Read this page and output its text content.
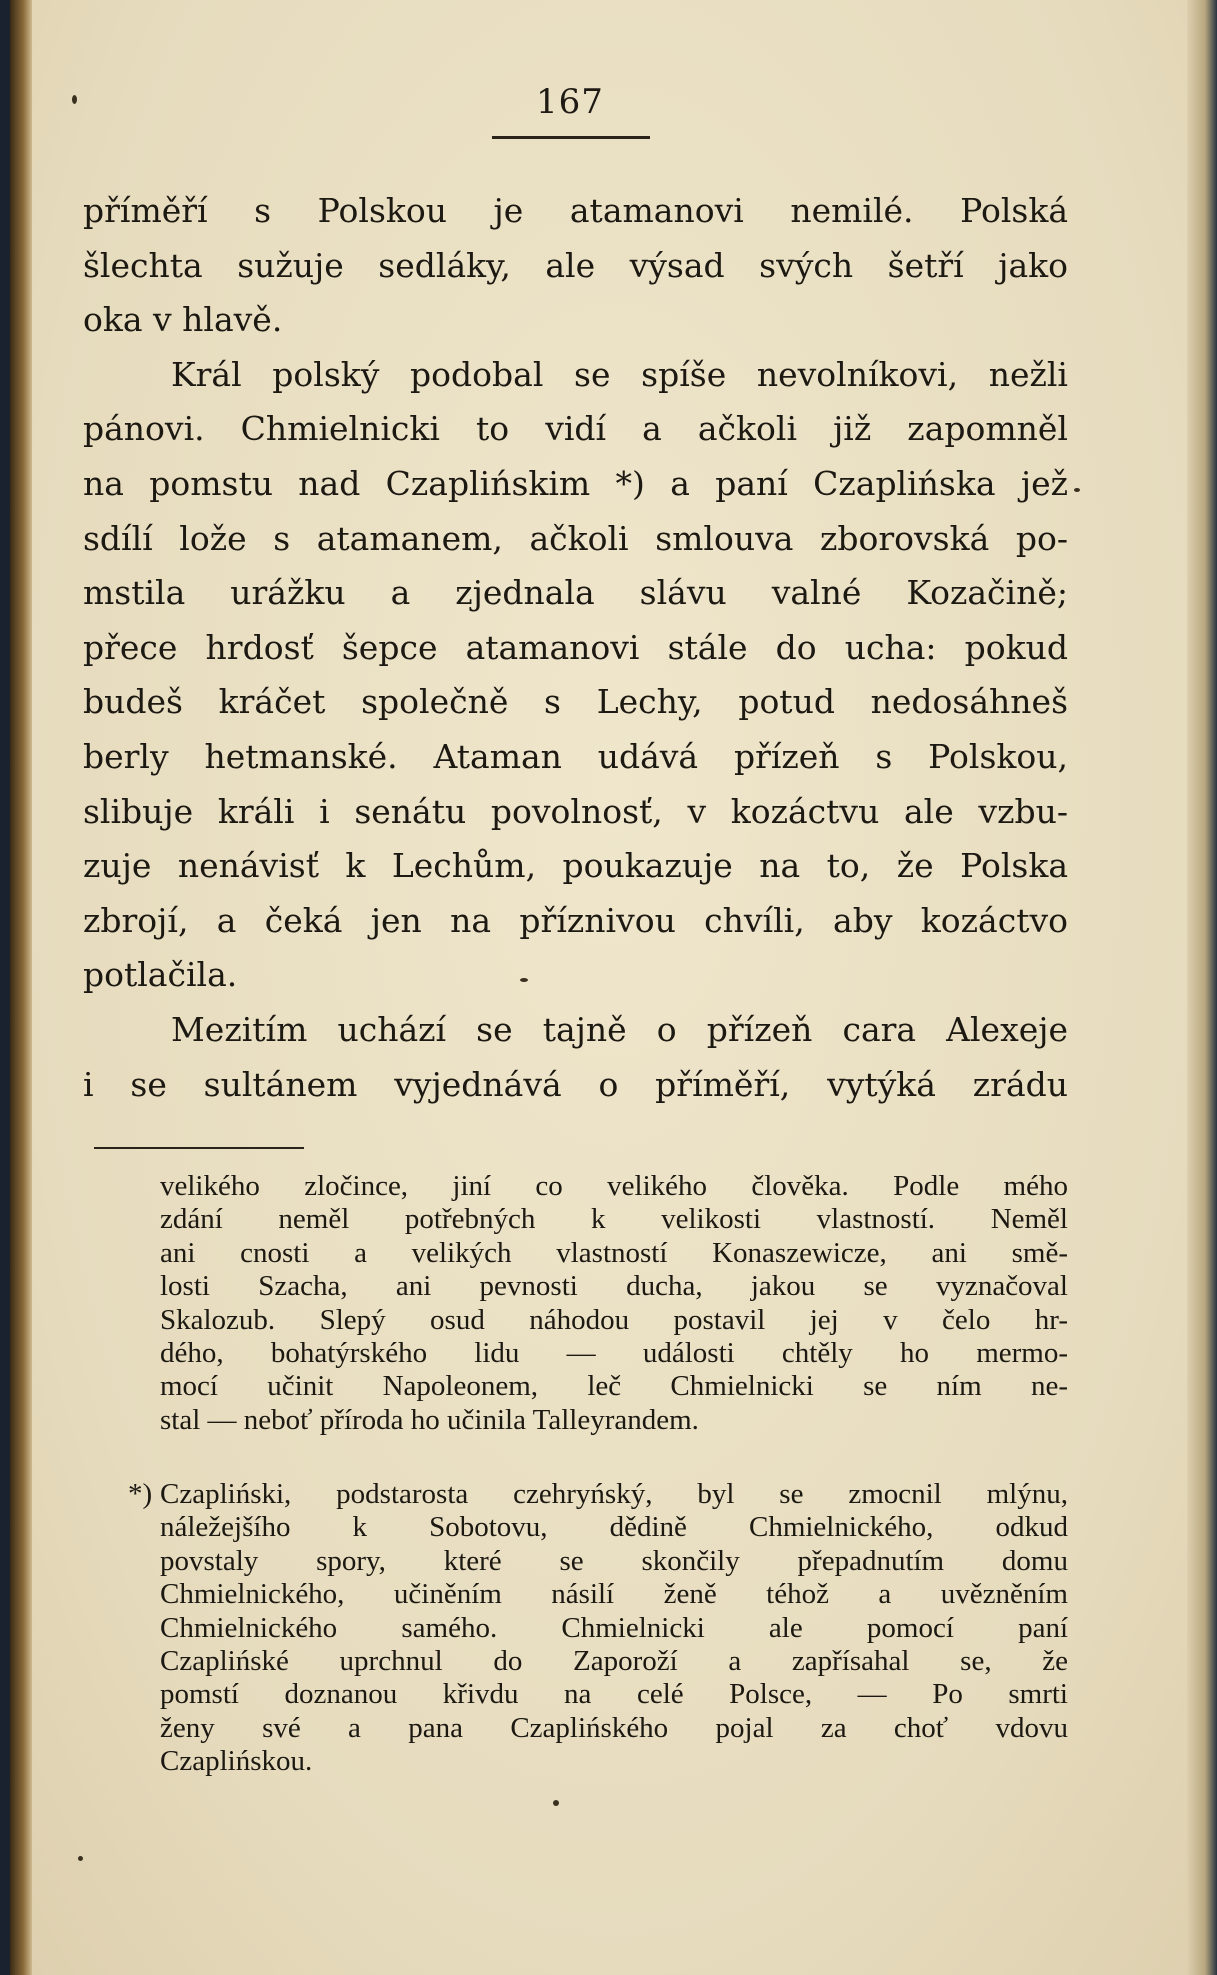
167
příměří s Polskou je atamanovi nemilé. Polská
šlechta sužuje sedláky, ale výsad svých šetří jako
oka v hlavě.
Král polský podobal se spíše nevolníkovi, nežli
pánovi. Chmielnicki to vidí a ačkoli již zapomněl
na pomstu nad Czaplińskim *) a paní Czaplińska jež
sdílí lože s atamanem, ačkoli smlouva zborovská po-
mstila urážku a zjednala slávu valné Kozačině;
přece hrdosť šepce atamanovi stále do ucha: pokud
budeš kráčet společně s Lechy, potud nedosáhneš
berly hetmanské. Ataman udává přízeň s Polskou,
slibuje králi i senátu povolnosť, v kozáctvu ale vzbu-
zuje nenávisť k Lechům, poukazuje na to, že Polska
zbrojí, a čeká jen na příznivou chvíli, aby kozáctvo
potlačila.
Mezitím uchází se tajně o přízeň cara Alexeje
i se sultánem vyjednává o příměří, vytýká zrádu
velikého zločince, jiní co velikého člověka. Podle mého
zdání neměl potřebných k velikosti vlastností. Neměl
ani cnosti a velikých vlastností Konaszewicze, ani smě-
losti Szacha, ani pevnosti ducha, jakou se vyznačoval
Skalozub. Slepý osud náhodou postavil jej v čelo hr-
dého, bohatýrského lidu — události chtěly ho mermo-
mocí učinit Napoleonem, leč Chmielnicki se ním ne-
stal — neboť příroda ho učinila Talleyrandem.
*) Czapliński, podstarosta czehryńský, byl se zmocnil mlýnu,
náležejšího k Sobotovu, dědině Chmielnického, odkud
povstaly spory, které se skončily přepadnutím domu
Chmielnického, učiněním násilí ženě téhož a uvězněním
Chmielnického samého. Chmielnicki ale pomocí paní
Czaplińské uprchnul do Zaporoží a zapřísahal se, že
pomstí doznanou křivdu na celé Polsce, — Po smrti
ženy své a pana Czaplińského pojal za choť vdovu
Czaplińskou.
